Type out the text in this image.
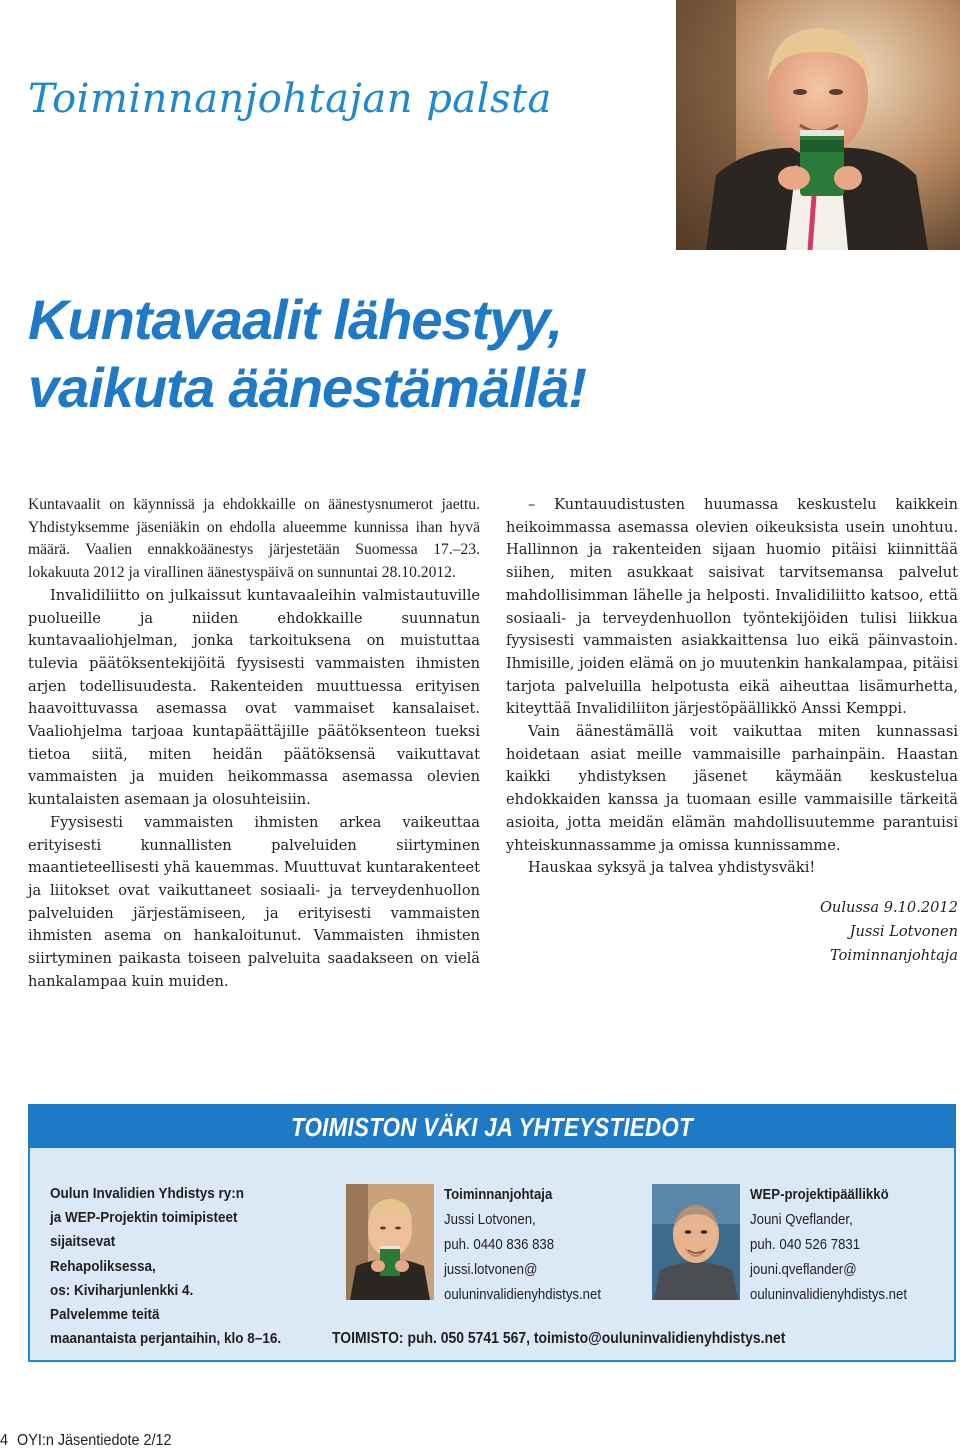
Toiminnanjohtajan palsta
Kuntavaalit lähestyy,
vaikuta äänestämällä!

Kuntavaalit on käynnissä ja ehdokkaille on äänestysnumerot jaettu. Yhdistyksemme jäseniäkin on ehdolla alueemme kunnissa ihan hyvä määrä. Vaalien ennakkoäänestys järjestetään Suomessa 17.–23. lokakuuta 2012 ja virallinen äänestyspäivä on sunnuntai 28.10.2012.

Invalidiliitto on julkaissut kuntavaaleihin valmistautuville puolueille ja niiden ehdokkaille suunnatun kuntavaaliohjelman, jonka tarkoituksena on muistuttaa tulevia päätöksentekijöitä fyysisesti vammaisten ihmisten arjen todellisuudesta. Rakenteiden muuttuessa erityisen haavoittuvassa asemassa ovat vammaiset kansalaiset. Vaaliohjelma tarjoaa kuntapäättäjille päätöksenteon tueksi tietoa siitä, miten heidän päätöksensä vaikuttavat vammaisten ja muiden heikommassa asemassa olevien kuntalaisten asemaan ja olosuhteisiin.

Fyysisesti vammaisten ihmisten arkea vaikeuttaa erityisesti kunnallisten palveluiden siirtyminen maantieteellisesti yhä kauemmas. Muuttuvat kuntarakenteet ja liitokset ovat vaikuttaneet sosiaali- ja terveydenhuollon palveluiden järjestämiseen, ja erityisesti vammaisten ihmisten asema on hankaloitunut. Vammaisten ihmisten siirtyminen paikasta toiseen palveluita saadakseen on vielä hankalampaa kuin muiden.

– Kuntauudistusten huumassa keskustelu kaikkein heikoimmassa asemassa olevien oikeuksista usein unohtuu. Hallinnon ja rakenteiden sijaan huomio pitäisi kiinnittää siihen, miten asukkaat saisivat tarvitsemansa palvelut mahdollisimman lähelle ja helposti. Invalidiliitto katsoo, että sosiaali- ja terveydenhuollon työntekijöiden tulisi liikkua fyysisesti vammaisten asiakkaittensa luo eikä päinvastoin. Ihmisille, joiden elämä on jo muutenkin hankalampaa, pitäisi tarjota palveluilla helpotusta eikä aiheuttaa lisämurhetta, kiteyttää Invalidiliiton järjestöpäällikkö Anssi Kemppi.

Vain äänestämällä voit vaikuttaa miten kunnassasi hoidetaan asiat meille vammaisille parhainpäin. Haastan kaikki yhdistyksen jäsenet käymään keskustelua ehdokkaiden kanssa ja tuomaan esille vammaisille tärkeitä asioita, jotta meidän elämän mahdollisuutemme parantuisi yhteiskunnassamme ja omissa kunnissamme.

Hauskaa syksyä ja talvea yhdistysväki!

Oulussa 9.10.2012
Jussi Lotvonen
Toiminnanjohtaja
TOIMISTON VÄKI JA YHTEYSTIEDOT
Oulun Invalidien Yhdistys ry:n
ja WEP-Projektin toimipisteet
sijaitsevat
Rehapoliksessa,
os: Kiviharjunlenkki 4.
Palvelemme teitä
maanantaista perjantaihin, klo 8–16.
Toiminnanjohtaja
Jussi Lotvonen,
puh. 0440 836 838
jussi.lotvonen@
ouluninvalidienyhdistys.net
WEP-projektipäällikkö
Jouni Qveflander,
puh. 040 526 7831
jouni.qveflander@
ouluninvalidienyhdistys.net
TOIMISTO: puh. 050 5741 567, toimisto@ouluninvalidienyhdistys.net
4 OYI:n Jäsentiedote 2/12
